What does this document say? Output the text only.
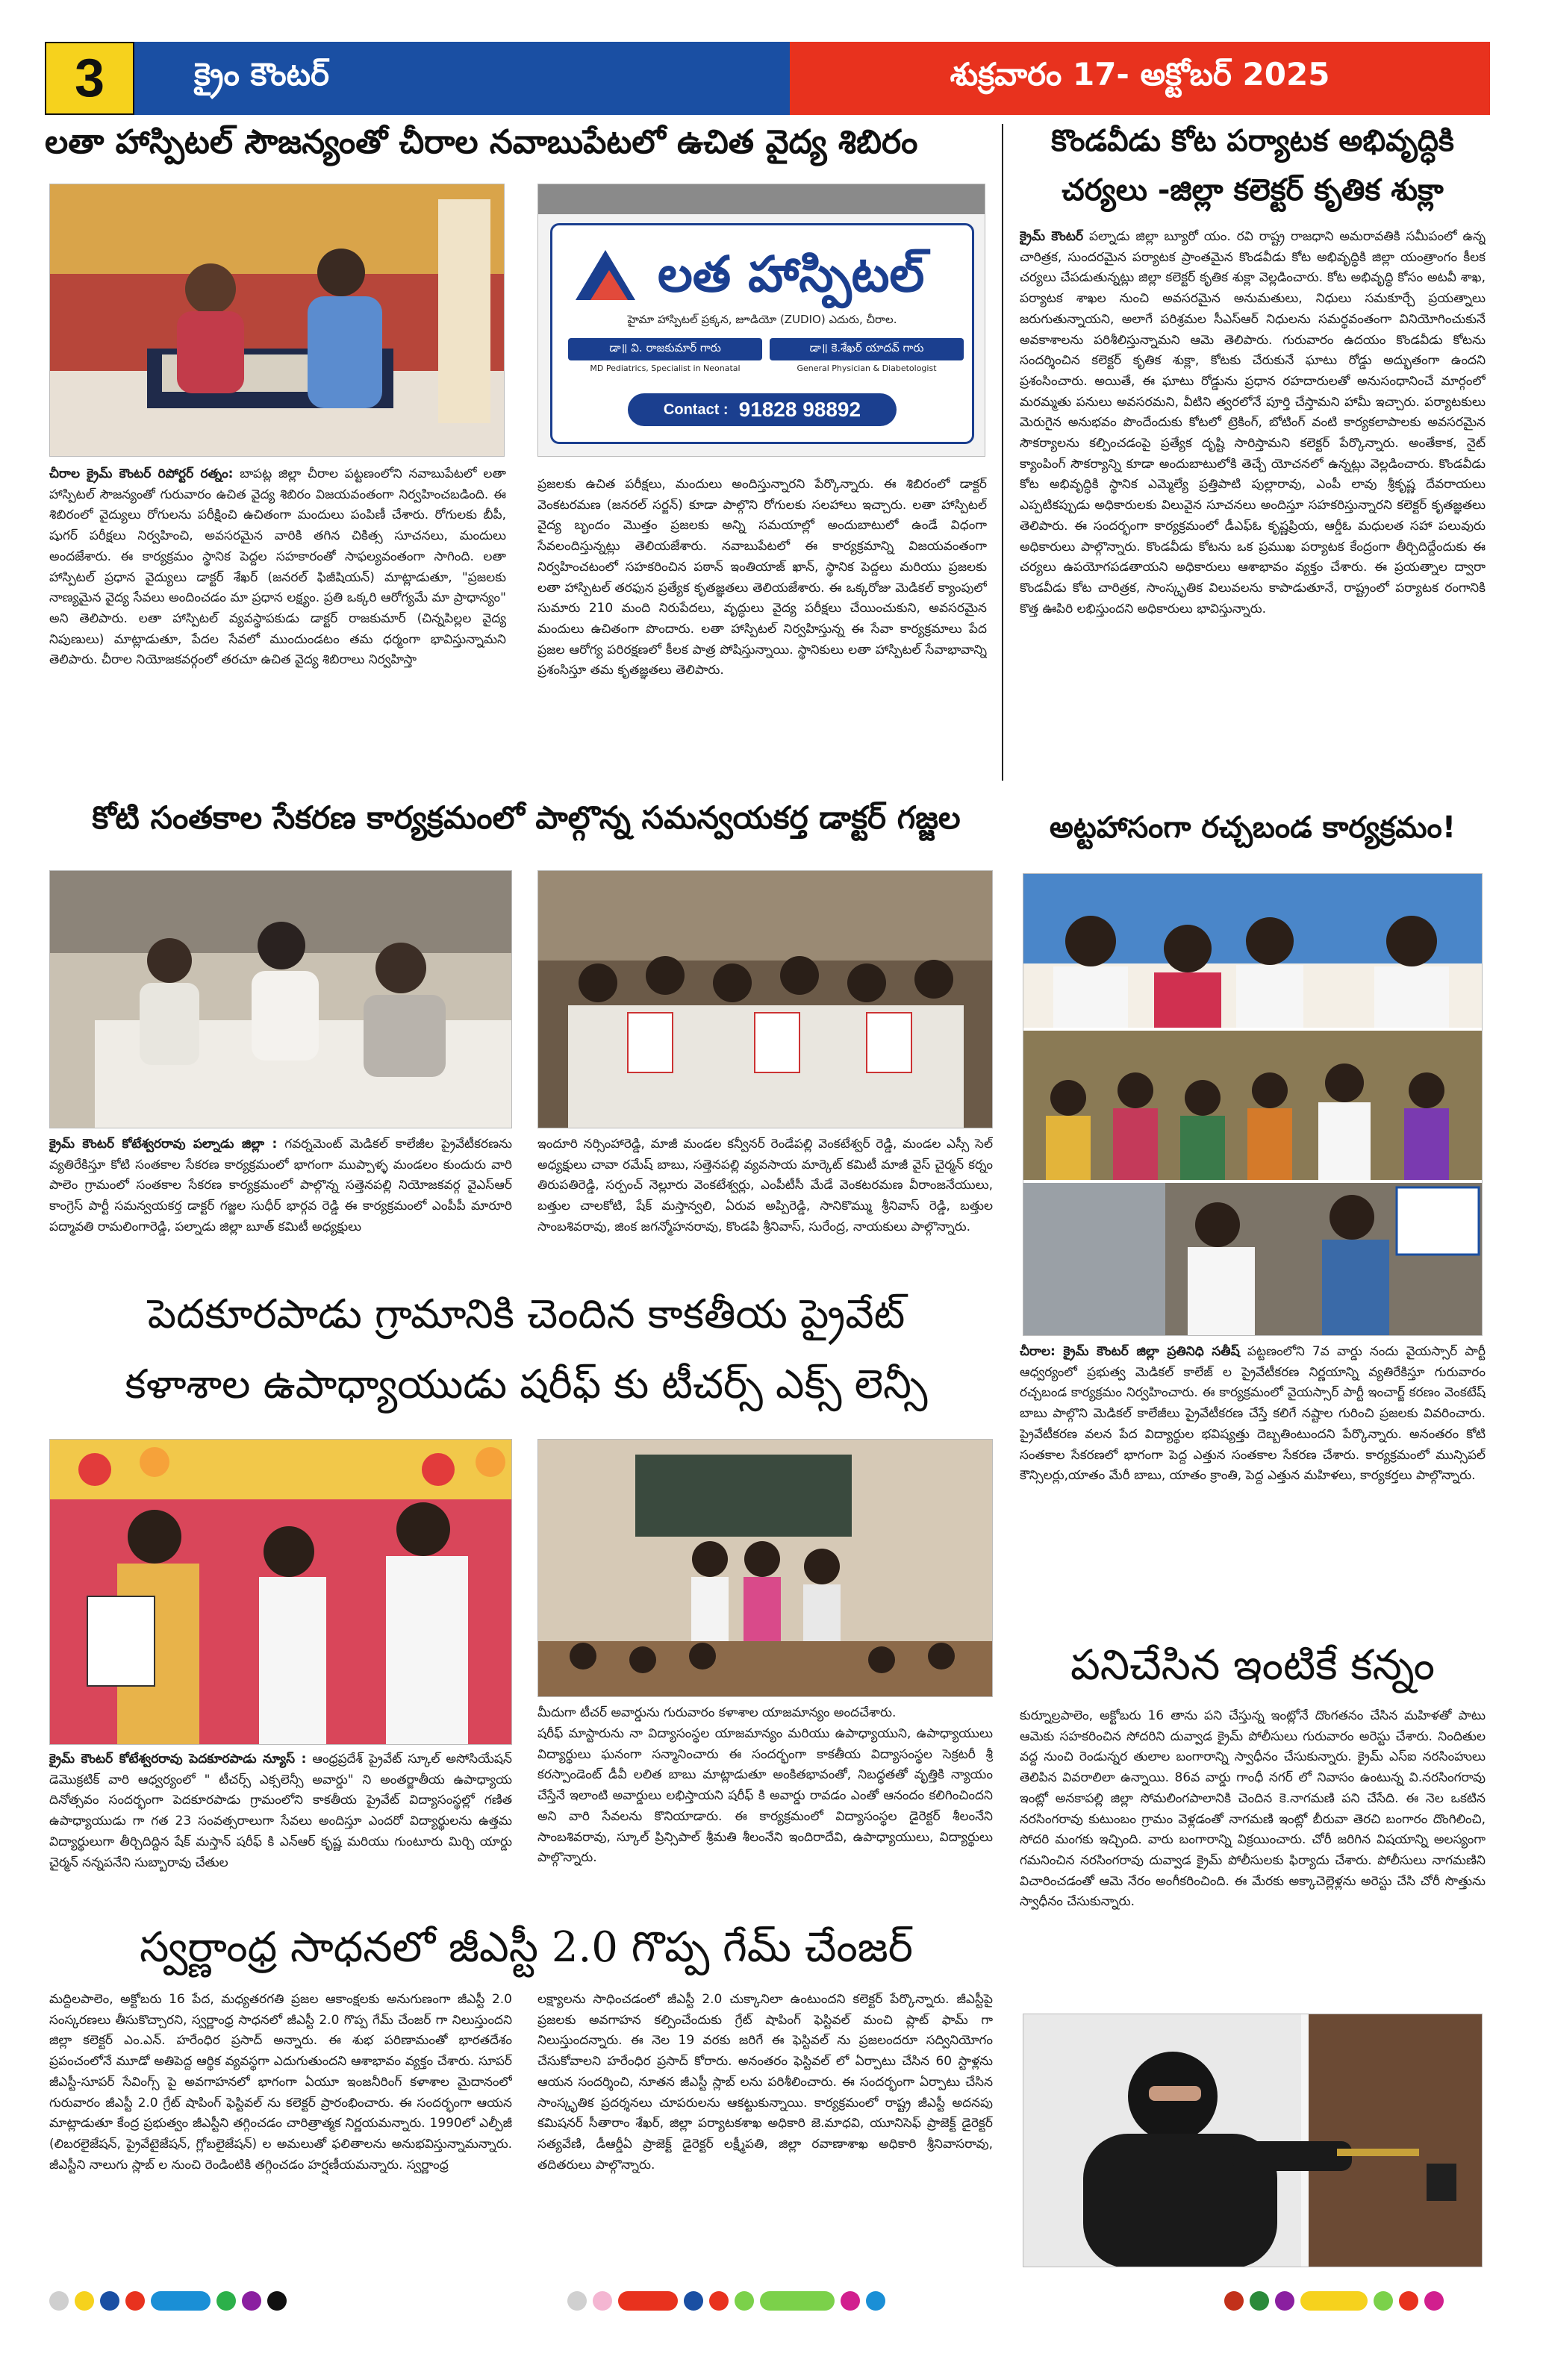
3	క్రైం కౌంటర్	శుక్రవారం 17- అక్టోబర్ 2025
లతా హాస్పిటల్ సౌజన్యంతో చీరాల నవాబుపేటలో ఉచిత వైద్య శిబిరం
లత హాస్పిటల్
హైమా హాస్పిటల్ ప్రక్కన, జూడియో (ZUDIO) ఎదురు, చీరాల.
డా॥ వి. రాజకుమార్ గారు
MD Pediatrics, Specialist in Neonatal
డా॥ కె.శేఖర్ యాదవ్ గారు
General Physician & Diabetologist
Contact : 91828 98892
చీరాల క్రైమ్ కౌంటర్ రిపోర్టర్ రత్నం: బాపట్ల జిల్లా చీరాల పట్టణంలోని నవాబుపేటలో లతా హాస్పిటల్ సౌజన్యంతో గురువారం ఉచిత వైద్య శిబిరం విజయవంతంగా నిర్వహించబడింది. ఈ శిబిరంలో వైద్యులు రోగులను పరీక్షించి ఉచితంగా మందులు పంపిణీ చేశారు. రోగులకు బీపీ, షుగర్ పరీక్షలు నిర్వహించి, అవసరమైన వారికి తగిన చికిత్స సూచనలు, మందులు అందజేశారు. ఈ కార్యక్రమం స్థానిక పెద్దల సహకారంతో సాఫల్యవంతంగా సాగింది. లతా హాస్పిటల్ ప్రధాన వైద్యులు డాక్టర్ శేఖర్ (జనరల్ ఫిజీషియన్) మాట్లాడుతూ, "ప్రజలకు నాణ్యమైన వైద్య సేవలు అందించడం మా ప్రధాన లక్ష్యం. ప్రతి ఒక్కరి ఆరోగ్యమే మా ప్రాధాన్యం" అని తెలిపారు. లతా హాస్పిటల్ వ్యవస్థాపకుడు డాక్టర్ రాజకుమార్ (చిన్నపిల్లల వైద్య నిపుణులు) మాట్లాడుతూ, పేదల సేవలో ముందుండటం తమ ధర్మంగా భావిస్తున్నామని తెలిపారు. చీరాల నియోజకవర్గంలో తరచూ ఉచిత వైద్య శిబిరాలు నిర్వహిస్తా
ప్రజలకు ఉచిత పరీక్షలు, మందులు అందిస్తున్నారని పేర్కొన్నారు. ఈ శిబిరంలో డాక్టర్ వెంకటరమణ (జనరల్ సర్జన్) కూడా పాల్గొని రోగులకు సలహాలు ఇచ్చారు. లతా హాస్పిటల్ వైద్య బృందం మొత్తం ప్రజలకు అన్ని సమయాల్లో అందుబాటులో ఉండే విధంగా సేవలందిస్తున్నట్లు తెలియజేశారు. నవాబుపేటలో ఈ కార్యక్రమాన్ని విజయవంతంగా నిర్వహించటంలో సహకరించిన పఠాన్ ఇంతియాజ్ ఖాన్, స్థానిక పెద్దలు మరియు ప్రజలకు లతా హాస్పిటల్ తరఫున ప్రత్యేక కృతజ్ఞతలు తెలియజేశారు. ఈ ఒక్కరోజు మెడికల్ క్యాంపులో సుమారు 210 మంది నిరుపేదలు, వృద్ధులు వైద్య పరీక్షలు చేయించుకుని, అవసరమైన మందులు ఉచితంగా పొందారు. లతా హాస్పిటల్ నిర్వహిస్తున్న ఈ సేవా కార్యక్రమాలు పేద ప్రజల ఆరోగ్య పరిరక్షణలో కీలక పాత్ర పోషిస్తున్నాయి. స్థానికులు లతా హాస్పిటల్ సేవాభావాన్ని ప్రశంసిస్తూ తమ కృతజ్ఞతలు తెలిపారు.
కొండవీడు కోట పర్యాటక అభివృద్ధికి
చర్యలు -జిల్లా కలెక్టర్ కృతిక శుక్లా
క్రైమ్ కౌంటర్ పల్నాడు జిల్లా బ్యూరో యం. రవి రాష్ట్ర రాజధాని అమరావతికి సమీపంలో ఉన్న చారిత్రక, సుందరమైన పర్యాటక ప్రాంతమైన కొండవీడు కోట అభివృద్ధికి జిల్లా యంత్రాంగం కీలక చర్యలు చేపడుతున్నట్లు జిల్లా కలెక్టర్ కృతిక శుక్లా వెల్లడించారు. కోట అభివృద్ధి కోసం అటవీ శాఖ, పర్యాటక శాఖల నుంచి అవసరమైన అనుమతులు, నిధులు సమకూర్చే ప్రయత్నాలు జరుగుతున్నాయని, అలాగే పరిశ్రమల సీఎస్ఆర్ నిధులను సమర్థవంతంగా వినియోగించుకునే అవకాశాలను పరిశీలిస్తున్నామని ఆమె తెలిపారు. గురువారం ఉదయం కొండవీడు కోటను సందర్శించిన కలెక్టర్ కృతిక శుక్లా, కోటకు చేరుకునే ఘాటు రోడ్డు అద్భుతంగా ఉందని ప్రశంసించారు. అయితే, ఈ ఘాటు రోడ్డును ప్రధాన రహదారులతో అనుసంధానించే మార్గంలో మరమ్మతు పనులు అవసరమని, వీటిని త్వరలోనే పూర్తి చేస్తామని హామీ ఇచ్చారు. పర్యాటకులు మెరుగైన అనుభవం పొందేందుకు కోటలో ట్రెకింగ్, బోటింగ్ వంటి కార్యకలాపాలకు అవసరమైన సౌకర్యాలను కల్పించడంపై ప్రత్యేక దృష్టి సారిస్తామని కలెక్టర్ పేర్కొన్నారు. అంతేకాక, నైట్ క్యాంపింగ్ సౌకర్యాన్ని కూడా అందుబాటులోకి తెచ్చే యోచనలో ఉన్నట్లు వెల్లడించారు. కొండవీడు కోట అభివృద్ధికి స్థానిక ఎమ్మెల్యే ప్రత్తిపాటి పుల్లారావు, ఎంపీ లావు శ్రీకృష్ణ దేవరాయలు ఎప్పటికప్పుడు అధికారులకు విలువైన సూచనలు అందిస్తూ సహకరిస్తున్నారని కలెక్టర్ కృతజ్ఞతలు తెలిపారు. ఈ సందర్భంగా కార్యక్రమంలో డీఎఫ్ఓ కృష్ణప్రియ, ఆర్డీఓ మధులత సహా పలువురు అధికారులు పాల్గొన్నారు. కొండవీడు కోటను ఒక ప్రముఖ పర్యాటక కేంద్రంగా తీర్చిదిద్దేందుకు ఈ చర్యలు ఉపయోగపడతాయని అధికారులు ఆశాభావం వ్యక్తం చేశారు. ఈ ప్రయత్నాల ద్వారా కొండవీడు కోట చారిత్రక, సాంస్కృతిక విలువలను కాపాడుతూనే, రాష్ట్రంలో పర్యాటక రంగానికి కొత్త ఊపిరి లభిస్తుందని అధికారులు భావిస్తున్నారు.
కోటి సంతకాల సేకరణ కార్యక్రమంలో పాల్గొన్న సమన్వయకర్త డాక్టర్ గజ్జల
క్రైమ్ కౌంటర్ కోటేశ్వరరావు పల్నాడు జిల్లా : గవర్నమెంట్ మెడికల్ కాలేజీల ప్రైవేటీకరణను వ్యతిరేకిస్తూ కోటి సంతకాల సేకరణ కార్యక్రమంలో భాగంగా ముప్పాళ్ళ మండలం కుందురు వారి పాలెం గ్రామంలో సంతకాల సేకరణ కార్యక్రమంలో పాల్గొన్న సత్తెనపల్లి నియోజకవర్గ వైఎస్ఆర్ కాంగ్రెస్ పార్టీ సమన్వయకర్త డాక్టర్ గజ్జల సుధీర్ భార్గవ రెడ్డి ఈ కార్యక్రమంలో ఎంపీపీ మారూరి పద్మావతి రామలింగారెడ్డి, పల్నాడు జిల్లా బూత్ కమిటీ అధ్యక్షులు
ఇందూరి నర్సింహారెడ్డి, మాజీ మండల కన్వీనర్ రెండేపల్లి వెంకటేశ్వర్ రెడ్డి, మండల ఎస్సీ సెల్ అధ్యక్షులు చావా రమేష్ బాబు, సత్తెనపల్లి వ్యవసాయ మార్కెట్ కమిటీ మాజీ వైస్ చైర్మన్ కర్నం తిరుపతిరెడ్డి, సర్పంచ్ నెల్లూరు వెంకటేశ్వర్లు, ఎంపీటీసీ మేడే వెంకటరమణ వీరాంజనేయులు, బత్తుల చాలకోటి, షేక్ మస్తాన్వలి, ఏరువ అప్పిరెడ్డి, సానికొమ్ము శ్రీనివాస్ రెడ్డి, బత్తుల సాంబశివరావు, జింక జగన్మోహనరావు, కొండపి శ్రీనివాస్, సురేంద్ర, నాయకులు పాల్గొన్నారు.
అట్టహాసంగా రచ్చబండ కార్యక్రమం!
చీరాల: క్రైమ్ కౌంటర్ జిల్లా ప్రతినిధి సతీష్ పట్టణంలోని 7వ వార్డు నందు వైయస్సార్ పార్టీ ఆధ్వర్యంలో ప్రభుత్వ మెడికల్ కాలేజ్ ల ప్రైవేటీకరణ నిర్ణయాన్ని వ్యతిరేకిస్తూ గురువారం రచ్చబండ కార్యక్రమం నిర్వహించారు. ఈ కార్యక్రమంలో వైయస్సార్ పార్టీ ఇంచార్జ్ కరణం వెంకటేష్ బాబు పాల్గొని మెడికల్ కాలేజీలు ప్రైవేటీకరణ చేస్తే కలిగే నష్టాల గురించి ప్రజలకు వివరించారు. ప్రైవేటీకరణ వలన పేద విద్యార్థుల భవిష్యత్తు దెబ్బతింటుందని పేర్కొన్నారు. అనంతరం కోటి సంతకాల సేకరణలో భాగంగా పెద్ద ఎత్తున సంతకాల సేకరణ చేశారు. కార్యక్రమంలో మున్సిపల్ కౌన్సిలర్లు,యాతం మేరీ బాబు, యాతం క్రాంతి, పెద్ద ఎత్తున మహిళలు, కార్యకర్తలు పాల్గొన్నారు.
పెదకూరపాడు గ్రామానికి చెందిన కాకతీయ ప్రైవేట్
కళాశాల ఉపాధ్యాయుడు షరీఫ్ కు టీచర్స్ ఎక్స్ లెన్సీ
మీదుగా టీచర్ అవార్డును గురువారం కళాశాల యాజమాన్యం అందచేశారు.
క్రైమ్ కౌంటర్ కోటేశ్వరరావు పెదకూరపాడు న్యూస్ : ఆంధ్రప్రదేశ్ ప్రైవేట్ స్కూల్ అసోసియేషన్ డెమొక్రటిక్ వారి ఆధ్వర్యంలో " టీచర్స్ ఎక్సలెన్సీ అవార్డు" ని అంతర్జాతీయ ఉపాధ్యాయ దినోత్సవం సందర్భంగా పెదకూరపాడు గ్రామంలోని కాకతీయ ప్రైవేట్ విద్యాసంస్థల్లో గణిత ఉపాధ్యాయుడు గా గత 23 సంవత్సరాలుగా సేవలు అందిస్తూ ఎందరో విద్యార్థులను ఉత్తమ విద్యార్థులుగా తీర్చిదిద్దిన షేక్ మస్తాన్ షరీఫ్ కి ఎన్ఆర్ కృష్ణ మరియు గుంటూరు మిర్చి యార్డు చైర్మన్ నన్నపనేని సుబ్బారావు చేతుల
షరీఫ్ మాస్టారును నా విద్యాసంస్థల యాజమాన్యం మరియు ఉపాధ్యాయుని, ఉపాధ్యాయులు విద్యార్థులు ఘనంగా సన్మానించారు ఈ సందర్భంగా కాకతీయ విద్యాసంస్థల సెక్రటరీ శ్రీ కరస్పాండెంట్ డీవీ లలిత బాబు మాట్లాడుతూ అంకితభావంతో, నిబద్ధతతో వృత్తికి న్యాయం చేస్తేనే ఇలాంటి అవార్డులు లభిస్తాయని షరీఫ్ కి అవార్డు రావడం ఎంతో ఆనందం కలిగించిందని అని వారి సేవలను కొనియాడారు. ఈ కార్యక్రమంలో విద్యాసంస్థల డైరెక్టర్ శీలంనేని సాంబశివరావు, స్కూల్ ప్రిన్సిపాల్ శ్రీమతి శీలంనేని ఇందిరాదేవి, ఉపాధ్యాయులు, విద్యార్థులు పాల్గొన్నారు.
పనిచేసిన ఇంటికే కన్నం
కుర్నూల్రపాలెం, అక్టోబరు 16 తాను పని చేస్తున్న ఇంట్లోనే దొంగతనం చేసిన మహిళతో పాటు ఆమెకు సహకరించిన సోదరిని దువ్వాడ క్రైమ్ పోలీసులు గురువారం అరెస్టు చేశారు. నిందితుల వద్ద నుంచి రెండున్నర తులాల బంగారాన్ని స్వాధీనం చేసుకున్నారు. క్రైమ్ ఎస్ఐ నరసింహులు తెలిపిన వివరాలిలా ఉన్నాయి. 86వ వార్డు గాంధీ నగర్ లో నివాసం ఉంటున్న వి.నరసింగరావు ఇంట్లో అనకాపల్లి జిల్లా సోమలింగపాలానికి చెందిన కె.నాగమణి పని చేసేది. ఈ నెల ఒకటిన నరసింగరావు కుటుంబం గ్రామం వెళ్లడంతో నాగమణి ఇంట్లో బీరువా తెరచి బంగారం దొంగిలించి, సోదరి మంగకు ఇచ్చింది. వారు బంగారాన్ని విక్రయించారు. చోరీ జరిగిన విషయాన్ని అలస్యంగా గమనించిన నరసింగరావు దువ్వాడ క్రైమ్ పోలీసులకు ఫిర్యాదు చేశారు. పోలీసులు నాగమణిని విచారించడంతో ఆమె నేరం అంగీకరించింది. ఈ మేరకు అక్కాచెల్లెళ్లను అరెస్టు చేసి చోరీ సొత్తును స్వాధీనం చేసుకున్నారు.
స్వర్ణాంధ్ర సాధనలో జీఎస్టీ 2.0 గొప్ప గేమ్ చేంజర్
మద్దిలపాలెం, అక్టోబరు 16 పేద, మధ్యతరగతి ప్రజల ఆకాంక్షలకు అనుగుణంగా జీఎస్టీ 2.0 సంస్కరణలు తీసుకొచ్చారని, స్వర్ణాంధ్ర సాధనలో జీఎస్టీ 2.0 గొప్ప గేమ్ చేంజర్ గా నిలుస్తుందని జిల్లా కలెక్టర్ ఎం.ఎన్. హరేంధిర ప్రసాద్ అన్నారు. ఈ శుభ పరిణామంతో భారతదేశం ప్రపంచంలోనే మూడో అతిపెద్ద ఆర్థిక వ్యవస్థగా ఎదుగుతుందని ఆశాభావం వ్యక్తం చేశారు. సూపర్ జీఎస్టీ-సూపర్ సేవింగ్స్ పై అవగాహనలో భాగంగా ఏయూ ఇంజనీరింగ్ కళాశాల మైదానంలో గురువారం జీఎస్టీ 2.0 గ్రేట్ షాపింగ్ ఫెస్టివల్ ను కలెక్టర్ ప్రారంభించారు. ఈ సందర్భంగా ఆయన మాట్లాడుతూ కేంద్ర ప్రభుత్వం జీఎస్టీని తగ్గించడం చారిత్రాత్మక నిర్ణయమన్నారు. 1990లో ఎల్పీజీ (లిబరలైజేషన్, ప్రైవేటైజేషన్, గ్లోబలైజేషన్) ల అమలుతో ఫలితాలను అనుభవిస్తున్నామన్నారు. జీఎస్టీని నాలుగు స్లాబ్ ల నుంచి రెండింటికి తగ్గించడం హర్షణీయమన్నారు. స్వర్ణాంధ్ర
లక్ష్యాలను సాధించడంలో జీఎస్టీ 2.0 చుక్కానిలా ఉంటుందని కలెక్టర్ పేర్కొన్నారు. జీఎస్టీపై ప్రజలకు అవగాహన కల్పించేందుకు గ్రేట్ షాపింగ్ ఫెస్టివల్ మంచి ప్లాట్ ఫామ్ గా నిలుస్తుందన్నారు. ఈ నెల 19 వరకు జరిగే ఈ ఫెస్టివల్ ను ప్రజలందరూ సద్వినియోగం చేసుకోవాలని హరేంధిర ప్రసాద్ కోరారు. అనంతరం ఫెస్టివల్ లో ఏర్పాటు చేసిన 60 స్టాళ్లను ఆయన సందర్శించి, నూతన జీఎస్టీ స్లాబ్ లను పరిశీలించారు. ఈ సందర్భంగా ఏర్పాటు చేసిన సాంస్కృతిక ప్రదర్శనలు చూపరులను ఆకట్టుకున్నాయి. కార్యక్రమంలో రాష్ట్ర జీఎస్టీ అదనపు కమిషనర్ సీతారాం శేఖర్, జిల్లా పర్యాటకశాఖ అధికారి జె.మాధవి, యూనిసెఫ్ ప్రాజెక్ట్ డైరెక్టర్ సత్యవేణి, డీఆర్డీఏ ప్రాజెక్ట్ డైరెక్టర్ లక్ష్మీపతి, జిల్లా రవాణాశాఖ అధికారి శ్రీనివాసరావు, తదితరులు పాల్గొన్నారు.
